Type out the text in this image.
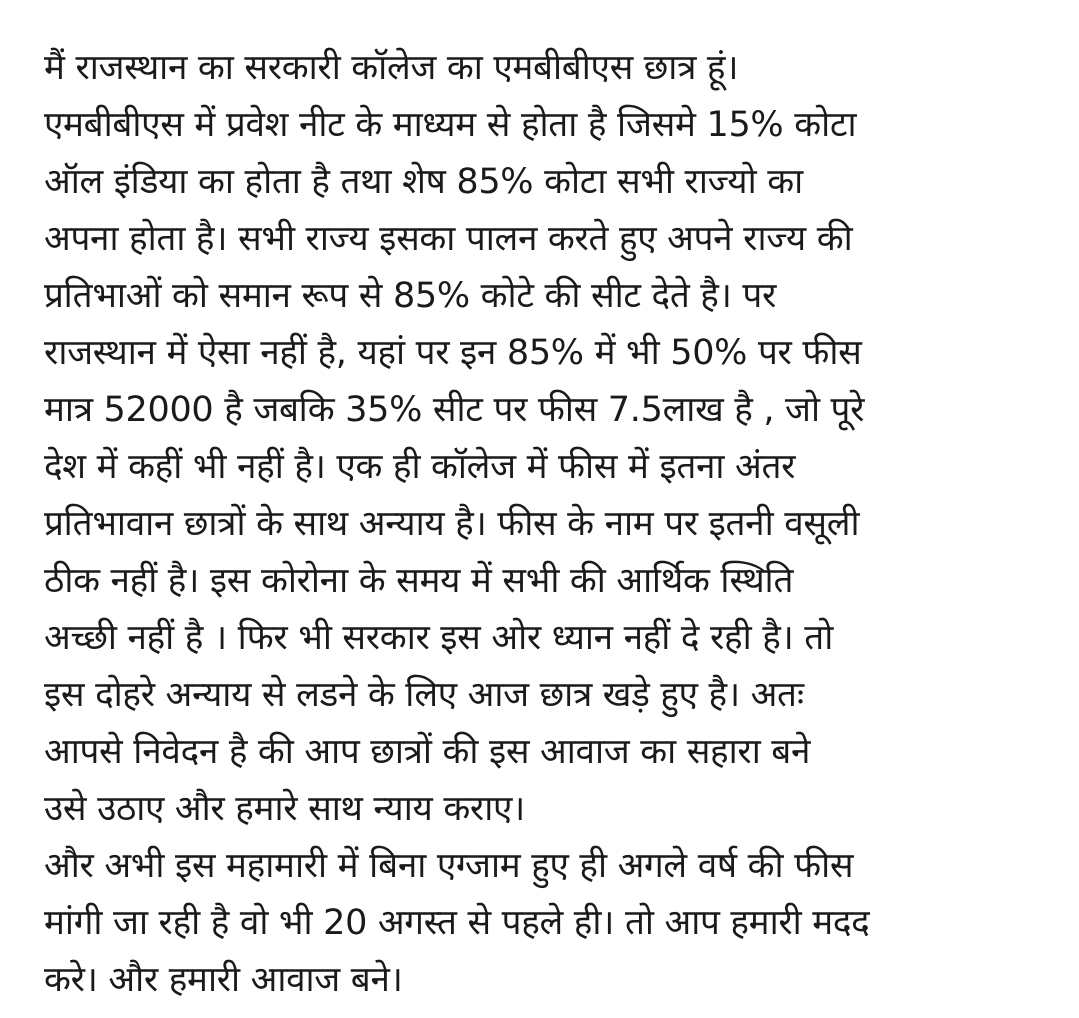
मैं राजस्थान का सरकारी कॉलेज का एमबीबीएस छात्र हूं।

एमबीबीएस में प्रवेश नीट के माध्यम से होता है जिसमे 15% कोटा

ऑल इंडिया का होता है तथा शेष 85% कोटा सभी राज्यो का

अपना होता है। सभी राज्य इसका पालन करते हुए अपने राज्य की

प्रतिभाओं को समान रूप से 85% कोटे की सीट देते है। पर

राजस्थान में ऐसा नहीं है, यहां पर इन 85% में भी 50% पर फीस

मात्र 52000 है जबकि 35% सीट पर फीस 7.5लाख है , जो पूरे

देश में कहीं भी नहीं है। एक ही कॉलेज में फीस में इतना अंतर

प्रतिभावान छात्रों के साथ अन्याय है। फीस के नाम पर इतनी वसूली

ठीक नहीं है। इस कोरोना के समय में सभी की आर्थिक स्थिति

अच्छी नहीं है । फिर भी सरकार इस ओर ध्यान नहीं दे रही है। तो

इस दोहरे अन्याय से लडने के लिए आज छात्र खड़े हुए है। अतः

आपसे निवेदन है की आप छात्रों की इस आवाज का सहारा बने

उसे उठाए और हमारे साथ न्याय कराए।

और अभी इस महामारी में बिना एग्जाम हुए ही अगले वर्ष की फीस

मांगी जा रही है वो भी 20 अगस्त से पहले ही। तो आप हमारी मदद

करे। और हमारी आवाज बने।
